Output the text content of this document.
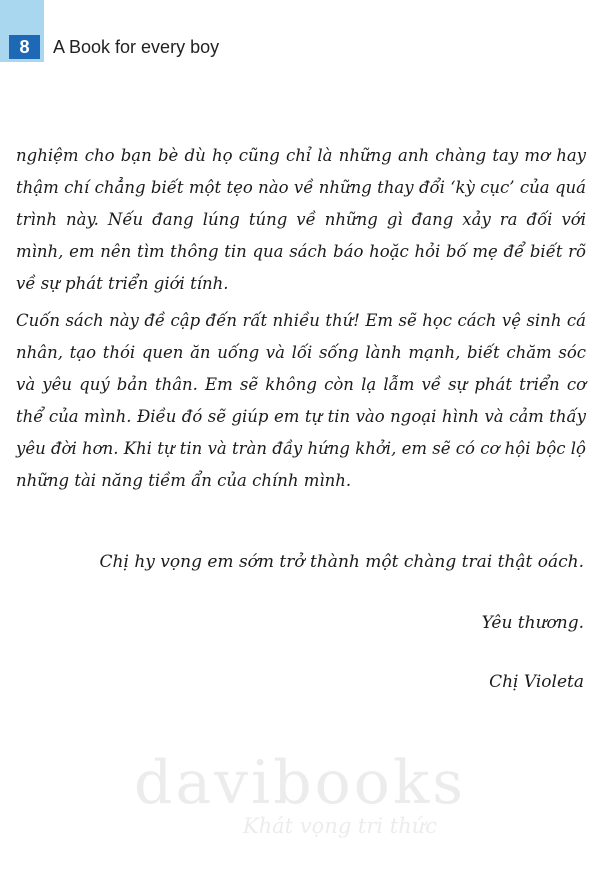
8	A Book for every boy

nghiệm cho bạn bè dù họ cũng chỉ là những anh chàng tay mơ hay thậm chí chẳng biết một tẹo nào về những thay đổi ‘kỳ cục’ của quá trình này. Nếu đang lúng túng về những gì đang xảy ra đối với mình, em nên tìm thông tin qua sách báo hoặc hỏi bố mẹ để biết rõ về sự phát triển giới tính.

Cuốn sách này đề cập đến rất nhiều thứ! Em sẽ học cách vệ sinh cá nhân, tạo thói quen ăn uống và lối sống lành mạnh, biết chăm sóc và yêu quý bản thân. Em sẽ không còn lạ lẫm về sự phát triển cơ thể của mình. Điều đó sẽ giúp em tự tin vào ngoại hình và cảm thấy yêu đời hơn. Khi tự tin và tràn đầy hứng khởi, em sẽ có cơ hội bộc lộ những tài năng tiềm ẩn của chính mình.

Chị hy vọng em sớm trở thành một chàng trai thật oách.
Yêu thương.
Chị Violeta
davibooks
Khát vọng tri thức
